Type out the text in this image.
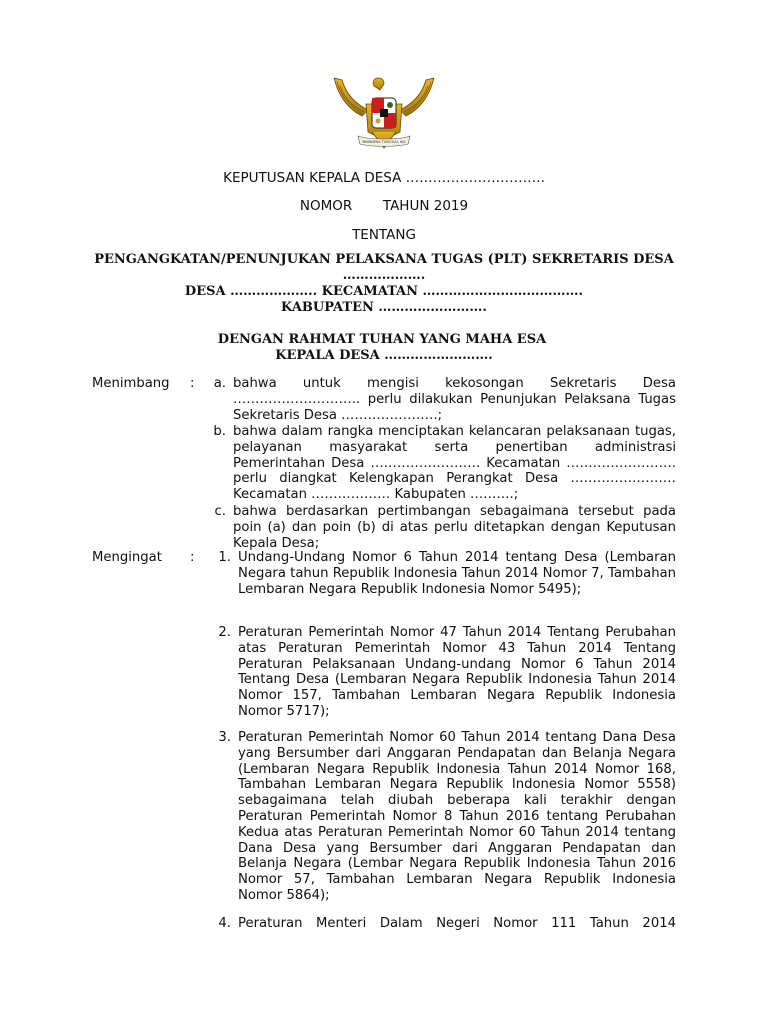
BHINNEKA TUNGGAL IKA
KEPUTUSAN KEPALA DESA ………………………….
NOMOR TAHUN 2019
TENTANG
PENGANGKATAN/PENUNJUKAN PELAKSANA TUGAS (PLT) SEKRETARIS DESA
……………….
DESA ……………….. KECAMATAN ……………………………….
KABUPATEN …………………….
DENGAN RAHMAT TUHAN YANG MAHA ESA
KEPALA DESA …………………….
Menimbang :	a. bahwa untuk mengisi kekosongan Sekretaris Desa ……………………….. perlu dilakukan Penunjukan Pelaksana Tugas Sekretaris Desa ………………….;
b. bahwa dalam rangka menciptakan kelancaran pelaksanaan tugas, pelayanan masyarakat serta penertiban administrasi Pemerintahan Desa ……………………. Kecamatan ……………………. perlu diangkat Kelengkapan Perangkat Desa …………………… Kecamatan ……………… Kabupaten ……….;
c. bahwa berdasarkan pertimbangan sebagaimana tersebut pada poin (a) dan poin (b) di atas perlu ditetapkan dengan Keputusan Kepala Desa;
Mengingat :	1. Undang-Undang Nomor 6 Tahun 2014 tentang Desa (Lembaran Negara tahun Republik Indonesia Tahun 2014 Nomor 7, Tambahan Lembaran Negara Republik Indonesia Nomor 5495);
2. Peraturan Pemerintah Nomor 47 Tahun 2014 Tentang Perubahan atas Peraturan Pemerintah Nomor 43 Tahun 2014 Tentang Peraturan Pelaksanaan Undang-undang Nomor 6 Tahun 2014 Tentang Desa (Lembaran Negara Republik Indonesia Tahun 2014 Nomor 157, Tambahan Lembaran Negara Republik Indonesia Nomor 5717);
3. Peraturan Pemerintah Nomor 60 Tahun 2014 tentang Dana Desa yang Bersumber dari Anggaran Pendapatan dan Belanja Negara (Lembaran Negara Republik Indonesia Tahun 2014 Nomor 168, Tambahan Lembaran Negara Republik Indonesia Nomor 5558) sebagaimana telah diubah beberapa kali terakhir dengan Peraturan Pemerintah Nomor 8 Tahun 2016 tentang Perubahan Kedua atas Peraturan Pemerintah Nomor 60 Tahun 2014 tentang Dana Desa yang Bersumber dari Anggaran Pendapatan dan Belanja Negara (Lembar Negara Republik Indonesia Tahun 2016 Nomor 57, Tambahan Lembaran Negara Republik Indonesia Nomor 5864);
4. Peraturan Menteri Dalam Negeri Nomor 111 Tahun 2014
